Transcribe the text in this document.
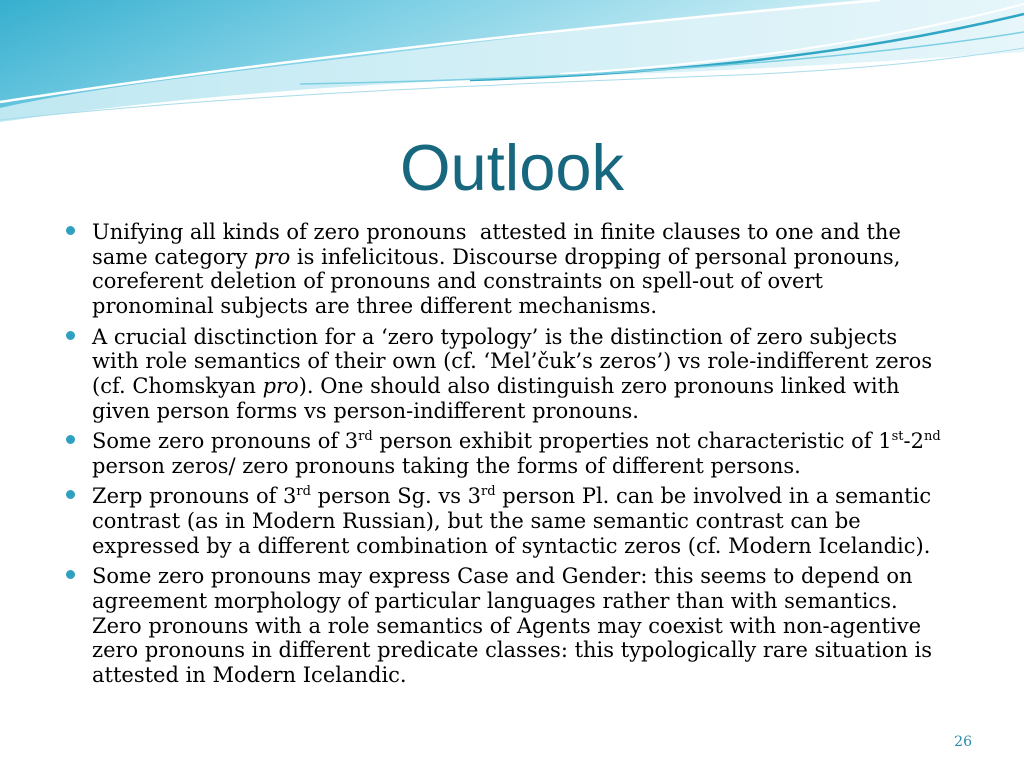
Outlook
Unifying all kinds of zero pronouns  attested in finite clauses to one and the
same category pro is infelicitous. Discourse dropping of personal pronouns,
coreferent deletion of pronouns and constraints on spell-out of overt
pronominal subjects are three different mechanisms.
A crucial disctinction for a ‘zero typology’ is the distinction of zero subjects
with role semantics of their own (cf. ‘Mel’čuk’s zeros’) vs role-indifferent zeros
(cf. Chomskyan pro). One should also distinguish zero pronouns linked with
given person forms vs person-indifferent pronouns.
Some zero pronouns of 3rd person exhibit properties not characteristic of 1st-2nd
person zeros/ zero pronouns taking the forms of different persons.
Zerp pronouns of 3rd person Sg. vs 3rd person Pl. can be involved in a semantic
contrast (as in Modern Russian), but the same semantic contrast can be
expressed by a different combination of syntactic zeros (cf. Modern Icelandic).
Some zero pronouns may express Case and Gender: this seems to depend on
agreement morphology of particular languages rather than with semantics.
Zero pronouns with a role semantics of Agents may coexist with non-agentive
zero pronouns in different predicate classes: this typologically rare situation is
attested in Modern Icelandic.
26
